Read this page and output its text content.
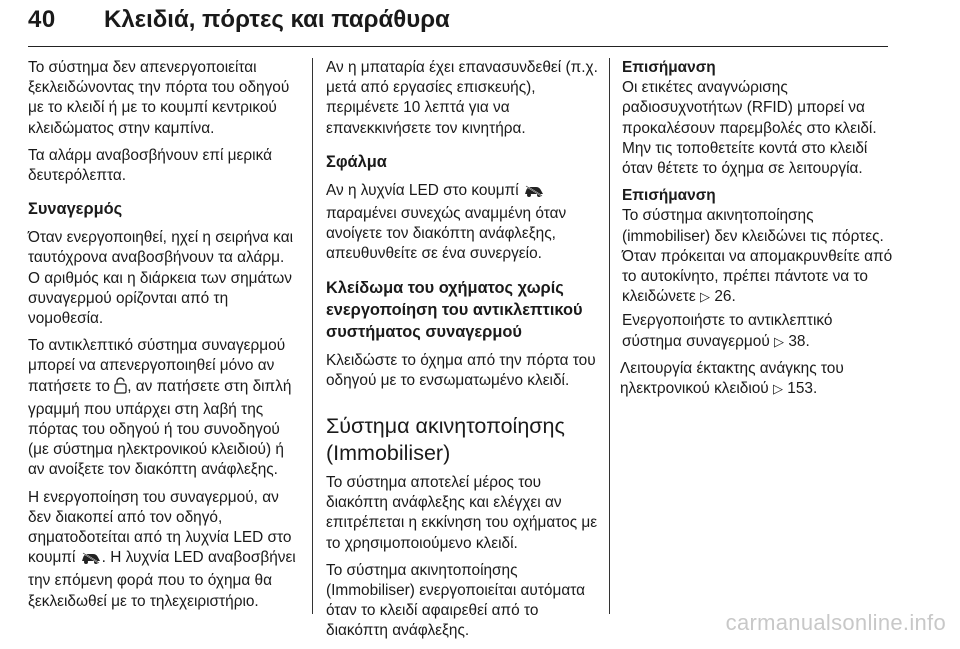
40 Κλειδιά, πόρτες και παράθυρα

Το σύστημα δεν απενεργοποιείται ξεκλειδώνοντας την πόρτα του οδηγού με το κλειδί ή με το κουμπί κεντρικού κλειδώματος στην καμπίνα.

Τα αλάρμ αναβοσβήνουν επί μερικά δευτερόλεπτα.

Συναγερμός

Όταν ενεργοποιηθεί, ηχεί η σειρήνα και ταυτόχρονα αναβοσβήνουν τα αλάρμ. Ο αριθμός και η διάρκεια των σημάτων συναγερμού ορίζονται από τη νομοθεσία.

Το αντικλεπτικό σύστημα συναγερμού μπορεί να απενεργοποιηθεί μόνο αν πατήσετε το , αν πατήσετε στη διπλή γραμμή που υπάρχει στη λαβή της πόρτας του οδηγού ή του συνοδηγού (με σύστημα ηλεκτρονικού κλειδιού) ή αν ανοίξετε τον διακόπτη ανάφλεξης.

Η ενεργοποίηση του συναγερμού, αν δεν διακοπεί από τον οδηγό, σηματοδοτείται από τη λυχνία LED στο κουμπί . Η λυχνία LED αναβοσβήνει την επόμενη φορά που το όχημα θα ξεκλειδωθεί με το τηλεχειριστήριο.

Αν η μπαταρία έχει επανασυνδεθεί (π.χ. μετά από εργασίες επισκευής), περιμένετε 10 λεπτά για να επανεκκινήσετε τον κινητήρα.

Σφάλμα

Αν η λυχνία LED στο κουμπί  παραμένει συνεχώς αναμμένη όταν ανοίγετε τον διακόπτη ανάφλεξης, απευθυνθείτε σε ένα συνεργείο.

Κλείδωμα του οχήματος χωρίς ενεργοποίηση του αντικλεπτικού συστήματος συναγερμού

Κλειδώστε το όχημα από την πόρτα του οδηγού με το ενσωματωμένο κλειδί.

Σύστημα ακινητοποίησης (Immobiliser)

Το σύστημα αποτελεί μέρος του διακόπτη ανάφλεξης και ελέγχει αν επιτρέπεται η εκκίνηση του οχήματος με το χρησιμοποιούμενο κλειδί.

Το σύστημα ακινητοποίησης (Immobiliser) ενεργοποιείται αυτόματα όταν το κλειδί αφαιρεθεί από το διακόπτη ανάφλεξης.

Επισήμανση
Οι ετικέτες αναγνώρισης ραδιοσυχνοτήτων (RFID) μπορεί να προκαλέσουν παρεμβολές στο κλειδί. Μην τις τοποθετείτε κοντά στο κλειδί όταν θέτετε το όχημα σε λειτουργία.

Επισήμανση
Το σύστημα ακινητοποίησης (immobiliser) δεν κλειδώνει τις πόρτες. Όταν πρόκειται να απομακρυνθείτε από το αυτοκίνητο, πρέπει πάντοτε να το κλειδώνετε ▷ 26.

Ενεργοποιήστε το αντικλεπτικό σύστημα συναγερμού ▷ 38.

Λειτουργία έκτακτης ανάγκης του ηλεκτρονικού κλειδιού ▷ 153.

carmanualsonline.info
